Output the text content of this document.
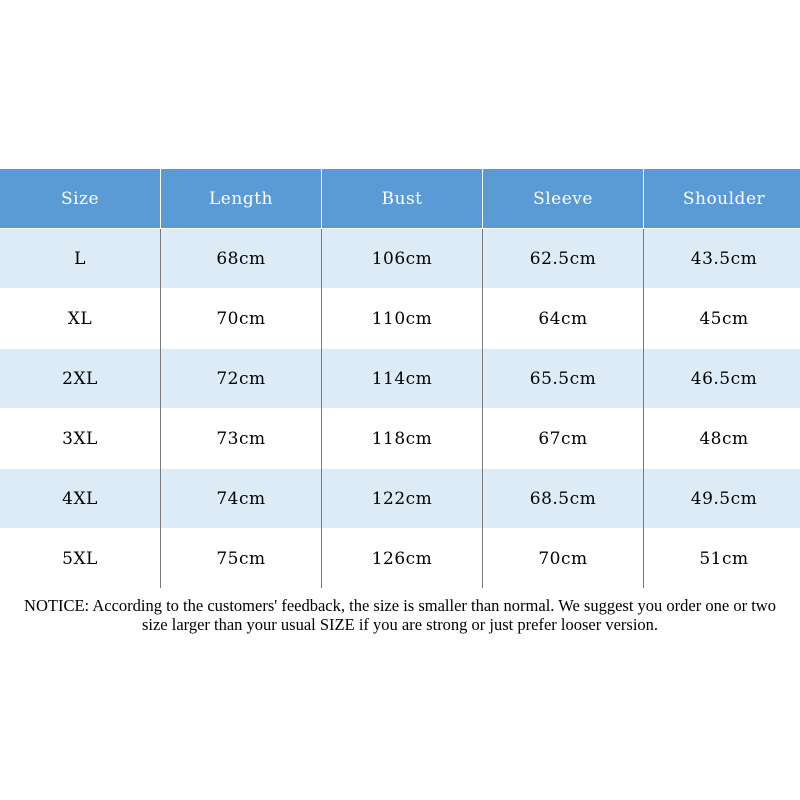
Size	Length	Bust	Sleeve	Shoulder
L	68cm	106cm	62.5cm	43.5cm
XL	70cm	110cm	64cm	45cm
2XL	72cm	114cm	65.5cm	46.5cm
3XL	73cm	118cm	67cm	48cm
4XL	74cm	122cm	68.5cm	49.5cm
5XL	75cm	126cm	70cm	51cm

NOTICE: According to the customers' feedback, the size is smaller than normal. We suggest you order one or two size larger than your usual SIZE if you are strong or just prefer looser version.
